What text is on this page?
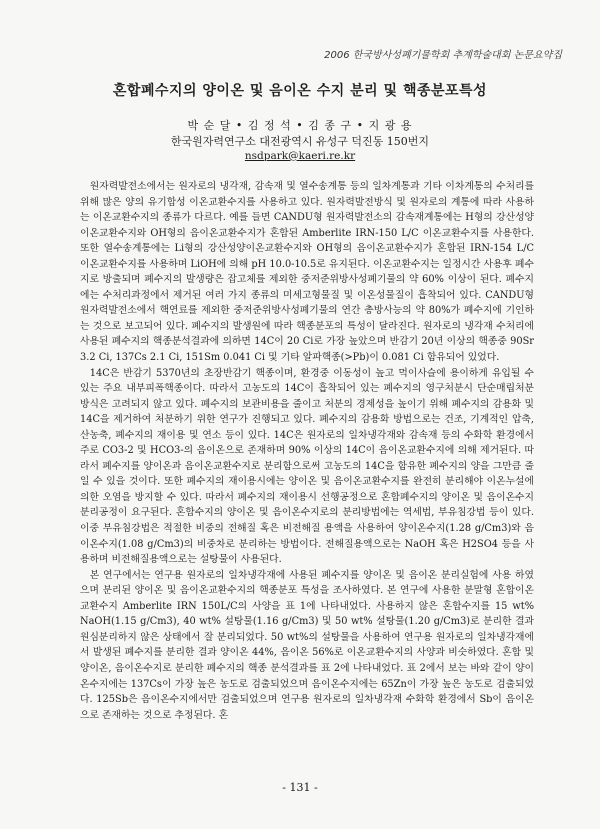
2006 한국방사성폐기물학회 추계학술대회 논문요약집
혼합폐수지의 양이온 및 음이온 수지 분리 및 핵종분포특성
박 순 달 • 김 정 석 • 김 종 구 • 지 광 용
한국원자력연구소 대전광역시 유성구 덕진동 150번지
nsdpark@kaeri.re.kr

원자력발전소에서는 원자로의 냉각재, 감속재 및 열수송계통 등의 일차계통과 기타 이차계통의 수처리를 위해 많은 양의 유기합성 이온교환수지를 사용하고 있다. 원자력발전방식 및 원자로의 계통에 따라 사용하는 이온교환수지의 종류가 다르다. 예를 들면 CANDU형 원자력발전소의 감속재계통에는 H형의 강산성양이온교환수지와 OH형의 음이온교환수지가 혼합된 Amberlite IRN-150 L/C 이온교환수지를 사용한다. 또한 열수송계통에는 Li형의 강산성양이온교환수지와 OH형의 음이온교환수지가 혼합된 IRN-154 L/C 이온교환수지를 사용하며 LiOH에 의해 pH 10.0-10.5로 유지된다. 이온교환수지는 일정시간 사용후 폐수지로 방출되며 폐수지의 발생량은 잡고체를 제외한 중저준위방사성폐기물의 약 60% 이상이 된다. 폐수지에는 수처리과정에서 제거된 여러 가지 종류의 미세고형물질 및 이온성물질이 흡착되어 있다. CANDU형 원자력발전소에서 핵연료를 제외한 중저준위방사성폐기물의 연간 총방사능의 약 80%가 폐수지에 기인하는 것으로 보고되어 있다. 폐수지의 발생원에 따라 핵종분포의 특성이 달라진다. 원자로의 냉각재 수처리에 사용된 폐수지의 핵종분석결과에 의하면 14C이 20 Ci로 가장 높았으며 반감기 20년 이상의 핵종중 90Sr 3.2 Ci, 137Cs 2.1 Ci, 151Sm 0.041 Ci 및 기타 알파핵종(>Pb)이 0.081 Ci 함유되어 있었다.

14C은 반감기 5370년의 초장반감기 핵종이며, 환경중 이동성이 높고 먹이사슬에 용이하게 유입될 수 있는 주요 내부피폭핵종이다. 따라서 고농도의 14C이 흡착되어 있는 폐수지의 영구처분시 단순매립처분 방식은 고려되지 않고 있다. 폐수지의 보관비용을 줄이고 처분의 경제성을 높이기 위해 폐수지의 감용화 및 14C을 제거하여 처분하기 위한 연구가 진행되고 있다. 폐수지의 감용화 방법으로는 건조, 기계적인 압축, 산농축, 폐수지의 재이용 및 연소 등이 있다. 14C은 원자로의 일차냉각재와 감속재 등의 수화학 환경에서 주로 CO3-2 및 HCO3-의 음이온으로 존재하며 90% 이상의 14C이 음이온교환수지에 의해 제거된다. 따라서 폐수지를 양이온과 음이온교환수지로 분리함으로써 고농도의 14C을 함유한 폐수지의 양을 그만큼 줄일 수 있을 것이다. 또한 폐수지의 재이용시에는 양이온 및 음이온교환수지를 완전히 분리해야 이온누설에 의한 오염을 방지할 수 있다. 따라서 폐수지의 재이용시 선행공정으로 혼합폐수지의 양이온 및 음이온수지 분리공정이 요구된다. 혼합수지의 양이온 및 음이온수지로의 분리방법에는 역세법, 부유침강법 등이 있다. 이중 부유침강법은 적절한 비중의 전해질 혹은 비전해질 용액을 사용하여 양이온수지(1.28 g/Cm3)와 음이온수지(1.08 g/Cm3)의 비중차로 분리하는 방법이다. 전해질용액으로는 NaOH 혹은 H2SO4 등을 사용하며 비전해질용액으로는 설탕물이 사용된다.

본 연구에서는 연구용 원자로의 일차냉각재에 사용된 폐수지를 양이온 및 음이온 분리실험에 사용 하였으며 분리된 양이온 및 음이온교환수지의 핵종분포 특성을 조사하였다. 본 연구에 사용한 분말형 혼합이온교환수지 Amberlite IRN 150L/C의 사양을 표 1에 나타내었다. 사용하지 않은 혼합수지를 15 wt% NaOH(1.15 g/Cm3), 40 wt% 설탕물(1.16 g/Cm3) 및 50 wt% 설탕물(1.20 g/Cm3)로 분리한 결과 원심분리하지 않은 상태에서 잘 분리되었다. 50 wt%의 설탕물을 사용하여 연구용 원자로의 일차냉각재에서 발생된 폐수지를 분리한 결과 양이온 44%, 음이온 56%로 이온교환수지의 사양과 비슷하였다. 혼합 및 양이온, 음이온수지로 분리한 폐수지의 핵종 분석결과를 표 2에 나타내었다. 표 2에서 보는 바와 같이 양이온수지에는 137Cs이 가장 높은 농도로 검출되었으며 음이온수지에는 65Zn이 가장 높은 농도로 검출되었다. 125Sb은 음이온수지에서만 검출되었으며 연구용 원자로의 일차냉각재 수화학 환경에서 Sb이 음이온으로 존재하는 것으로 추정된다. 혼

- 131 -
